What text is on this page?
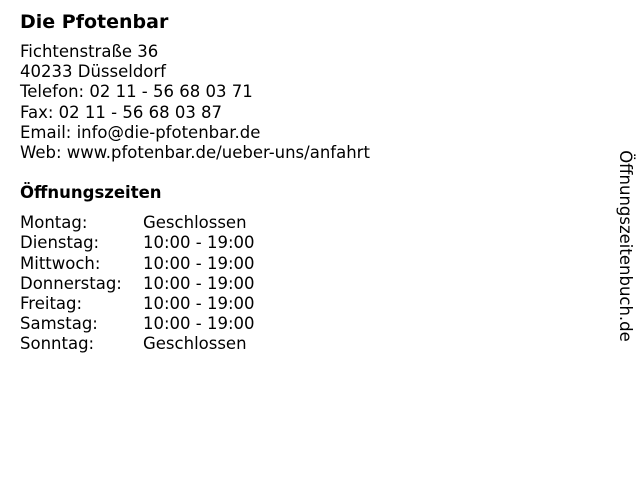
Die Pfotenbar
Fichtenstraße 36
40233 Düsseldorf
Telefon: 02 11 - 56 68 03 71
Fax: 02 11 - 56 68 03 87
Email: info@die-pfotenbar.de
Web: www.pfotenbar.de/ueber-uns/anfahrt
Öffnungszeiten
Montag:	Geschlossen
Dienstag:	10:00 - 19:00
Mittwoch:	10:00 - 19:00
Donnerstag:	10:00 - 19:00
Freitag:	10:00 - 19:00
Samstag:	10:00 - 19:00
Sonntag:	Geschlossen
Öffnungszeitenbuch.de
